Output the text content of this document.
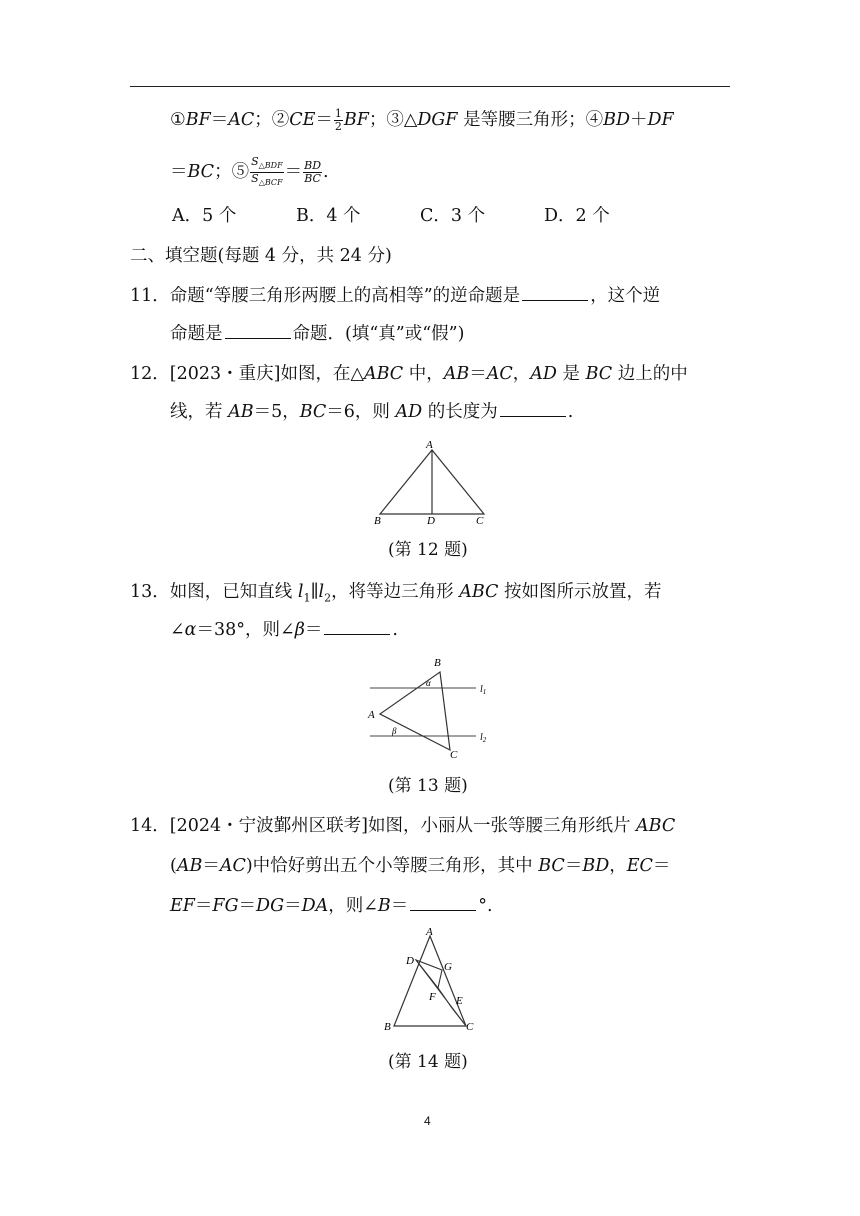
①BF＝AC；②CE＝ $\frac{1}{2}$ BF；③△DGF 是等腰三角形；④BD＋DF
＝BC；⑤ $\frac{S_{\triangle BDF}}{S_{\triangle BCF}} = \frac{BD}{BC}$ .
A．5 个	B．4 个	C．3 个	D．2 个
二、填空题(每题 4 分，共 24 分)
11．命题“等腰三角形两腰上的高相等”的逆命题是	，这个逆
命题是	命题．(填“真”或“假”)
12．[2023・重庆]如图，在△ABC 中，AB＝AC，AD 是 BC 边上的中
线，若 AB＝5，BC＝6，则 AD 的长度为	.
A
B	D	C
(第 12 题)
13．如图，已知直线 $l_1\parallel l_2$，将等边三角形 ABC 按如图所示放置，若
∠α＝38°，则∠β＝	.
B
A
C
α
β
$l_1$
$l_2$
(第 13 题)
14．[2024・宁波鄞州区联考]如图，小丽从一张等腰三角形纸片 ABC
(AB＝AC)中恰好剪出五个小等腰三角形，其中 BC＝BD，EC＝
EF＝FG＝DG＝DA，则∠B＝	°.
A
D	G
F E
B	C
(第 14 题)
4
